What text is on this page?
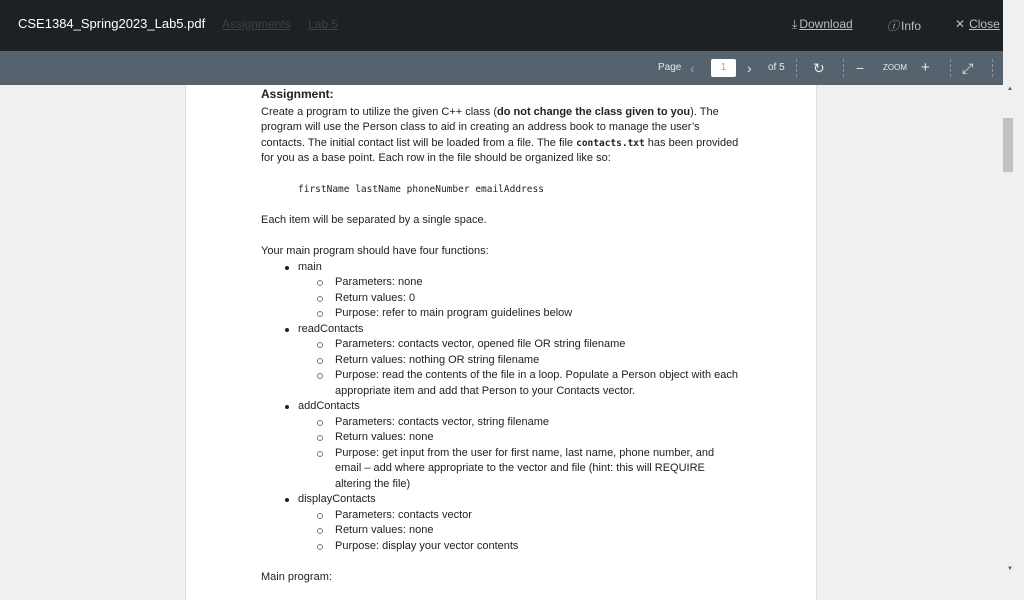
CSE1384_Spring2023_Lab5.pdf Assignments Lab 5	⤓ Download	ⓘ Info	✕ Close
Page ‹	1	› of 5 ↻ − ZOOM + ⤢
Assignment:

Create a program to utilize the given C++ class (do not change the class given to you). The program will use the Person class to aid in creating an address book to manage the user’s contacts. The initial contact list will be loaded from a file. The file contacts.txt has been provided for you as a base point. Each row in the file should be organized like so:

firstName lastName phoneNumber emailAddress

Each item will be separated by a single space.

Your main program should have four functions:

main
Parameters: none
Return values: 0
Purpose: refer to main program guidelines below
readContacts
Parameters: contacts vector, opened file OR string filename
Return values: nothing OR string filename
Purpose: read the contents of the file in a loop. Populate a Person object with each appropriate item and add that Person to your Contacts vector.
addContacts
Parameters: contacts vector, string filename
Return values: none
Purpose: get input from the user for first name, last name, phone number, and email – add where appropriate to the vector and file (hint: this will REQUIRE altering the file)
displayContacts
Parameters: contacts vector
Return values: none
Purpose: display your vector contents

Main program:

▲
▼
